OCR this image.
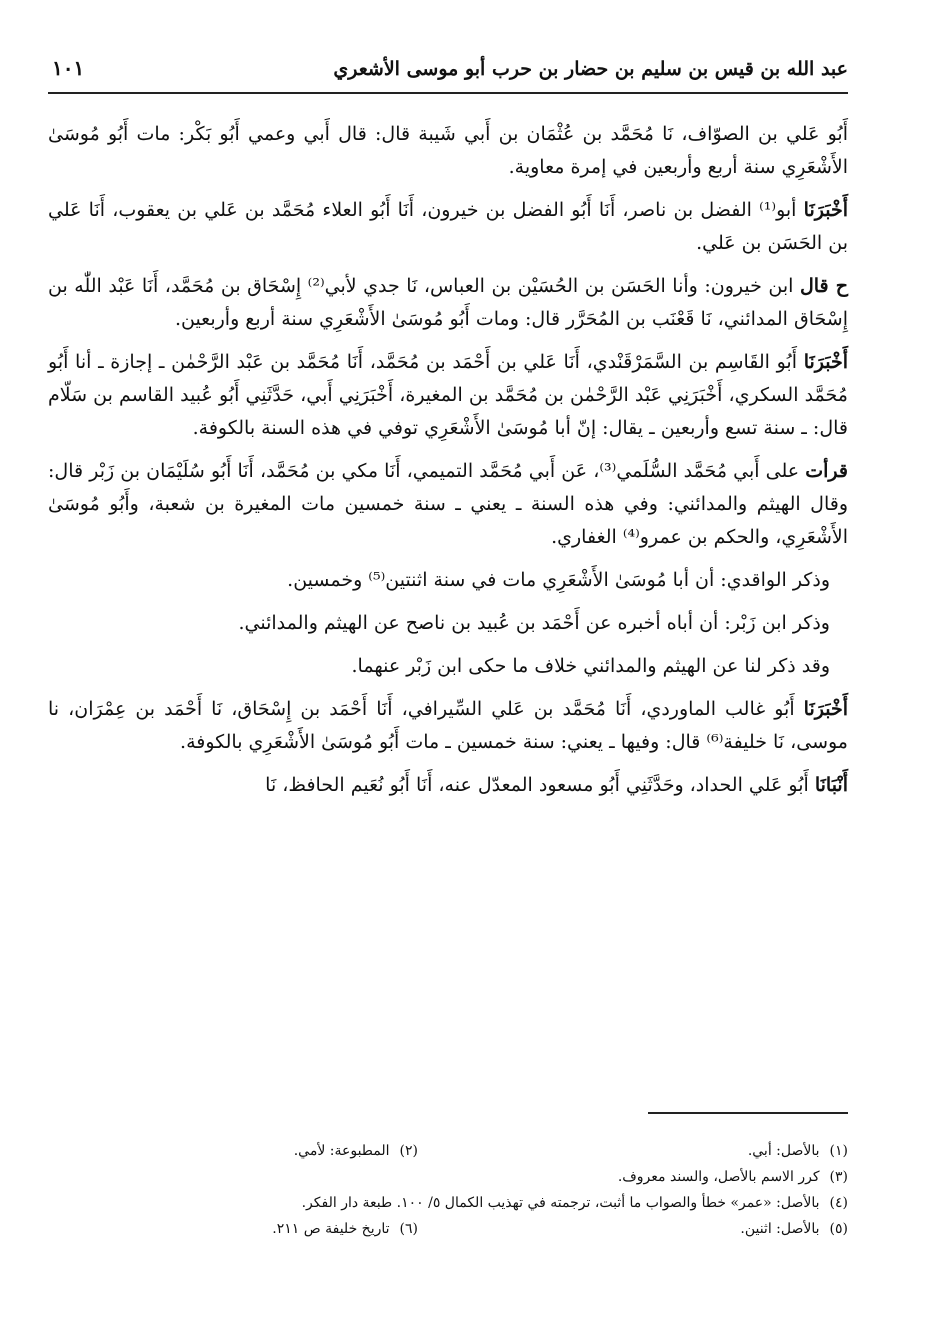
عبد الله بن قيس بن سليم بن حضار بن حرب أبو موسى الأشعري
١٠١

أَبُو عَلي بن الصوّاف، نَا مُحَمَّد بن عُثْمَان بن أَبي شَيبة قال: قال أَبي وعمي أَبُو بَكْر: مات أَبُو مُوسَىٰ الأَشْعَرِي سنة أربع وأربعين في إمرة معاوية.

أَخْبَرَنَا أبو⁽¹⁾ الفضل بن ناصر، أَنَا أَبُو الفضل بن خيرون، أَنَا أَبُو العلاء مُحَمَّد بن عَلي بن يعقوب، أَنَا عَلي بن الحَسَن بن عَلي.

ح قال ابن خيرون: وأنا الحَسَن بن الحُسَيْن بن العباس، نَا جدي لأبي⁽²⁾ إِسْحَاق بن مُحَمَّد، أَنَا عَبْد اللّٰه بن إِسْحَاق المدائني، نَا قَعْنَب بن المُحَرَّر قال: ومات أَبُو مُوسَىٰ الأَشْعَرِي سنة أربع وأربعين.

أَخْبَرَنَا أَبُو القَاسِم بن السَّمَرْقَنْدي، أَنَا عَلي بن أَحْمَد بن مُحَمَّد، أَنَا مُحَمَّد بن عَبْد الرَّحْمٰن ـ إجازة ـ أنا أَبُو مُحَمَّد السكري، أَخْبَرَنِي عَبْد الرَّحْمٰن بن مُحَمَّد بن المغيرة، أَخْبَرَنِي أَبي، حَدَّثَنِي أَبُو عُبيد القاسم بن سَلّام قال: ـ سنة تسع وأربعين ـ يقال: إنّ أبا مُوسَىٰ الأَشْعَرِي توفي في هذه السنة بالكوفة.

قرأت على أَبي مُحَمَّد السُّلَمي⁽³⁾، عَن أَبي مُحَمَّد التميمي، أَنَا مكي بن مُحَمَّد، أَنَا أَبُو سُلَيْمَان بن زَبْر قال: وقال الهيثم والمدائني: وفي هذه السنة ـ يعني ـ سنة خمسين مات المغيرة بن شعبة، وأَبُو مُوسَىٰ الأَشْعَرِي، والحكم بن عمرو⁽⁴⁾ الغفاري.

وذكر الواقدي: أن أبا مُوسَىٰ الأَشْعَرِي مات في سنة اثنتين⁽⁵⁾ وخمسين.

وذكر ابن زَبْر: أن أباه أخبره عن أَحْمَد بن عُبيد بن ناصح عن الهيثم والمدائني.

وقد ذكر لنا عن الهيثم والمدائني خلاف ما حكى ابن زَبْر عنهما.

أَخْبَرَنَا أَبُو غالب الماوردي، أَنَا مُحَمَّد بن عَلي السِّيرافي، أَنَا أَحْمَد بن إِسْحَاق، نَا أَحْمَد بن عِمْرَان، نا موسى، نَا خليفة⁽⁶⁾ قال: وفيها ـ يعني: سنة خمسين ـ مات أَبُو مُوسَىٰ الأَشْعَرِي بالكوفة.

أَنْبَانَا أَبُو عَلي الحداد، وحَدَّثَنِي أَبُو مسعود المعدّل عنه، أَنَا أَبُو نُعَيم الحافظ، نَا

(١)
بالأصل: أبي.
(٢)
المطبوعة: لأمي.
(٣)
كرر الاسم بالأصل، والسند معروف.
(٤)
بالأصل: «عمر» خطأ والصواب ما أثبت، ترجمته في تهذيب الكمال ٥/ ١٠٠. طبعة دار الفكر.
(٥)
بالأصل: اثنين.
(٦)
تاريخ خليفة ص ٢١١.
